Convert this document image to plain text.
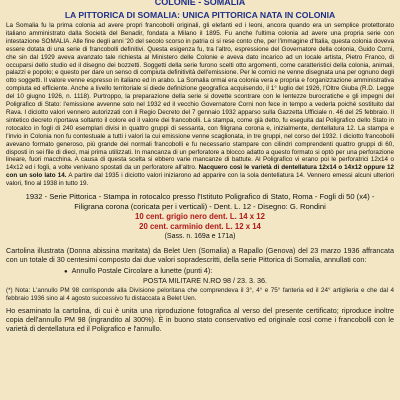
COLONIE - SOMALIA
LA PITTORICA DI SOMALIA: UNICA PITTORICA NATA IN COLONIA
La Somalia fu la prima colonia ad avere propri francobolli originali, gli elefanti ed i leoni, ancora quando era un semplice protettorato italiano amministrato dalla Società del Benadir, fondata a Milano il 1895. Fu anche l'ultima colonia ad avere una propria serie con intestazione SOMALIA. Alle fine degli anni '20 del secolo scorso in patria ci si rese conto che, per l'immagine d'Italia, questa colonia doveva essere dotata di una serie di francobolli definitivi. Questa esigenza fu, tra l'altro, espressione del Governatore della colonia, Guido Corni, che sin dal 1929 aveva avanzato tale richiesta al Ministero delle Colonie e aveva dato incarico ad un locale artista, Pietro Franco, di occuparsi dello studio ed il disegno dei bozzetti. Soggetti della serie furono scelti otto argomenti, come caratteristici della colonia, animali, palazzi e popolo; e questo per dare un senso di compiuta definitività dell'emissione. Per le cornici ne venne disegnata una per ognuno degli otto soggetti. Il valore venne espresso in italiano ed in arabo. La Somalia ormai era colonia vera e propria e l'organizzazione amministrativa compiuta ed efficiente. Anche a livello territoriale si diede definizione geografica acquisendo, il 1° luglio del 1926, l'Oltre Giuba (R.D. Legge del 10 giugno 1926, n. 1118). Purtroppo, la preparazione della serie si dovette scontrare con le lentezze burocratiche e gli impegni del Poligrafico di Stato: l'emissione avvenne solo nel 1932 ed il vecchio Governatore Corni non fece in tempo a vederla poiché sostituito dal Rava. I diciotto valori vennero autorizzati con il Regio Decreto del 7 gennaio 1932 apparso sulla Gazzetta Ufficiale n. 46 del 25 febbraio. Il sintetico decreto riportava soltanto il colore ed il valore dei francobolli. La stampa, come già detto, fu eseguita dal Poligrafico dello Stato in rotocalco in fogli di 240 esemplari divisi in quattro gruppi di sessanta, con filigrana corona e, inizialmente, dentellatura 12. La stampa e l'invio in Colonia non fu contestuale a tutti i valori la cui emissione venne scaglionata, in tre gruppi, nel corso del 1932. I diciotto francobolli avevano formato generoso, più grande dei normali francobolli e fu necessario stampare con cilindri comprendenti quattro gruppi di 60, disposti in sei file di dieci, mai prima utilizzati. In mancanza di un perforatore a blocco adatto a questo formato si optò per una perforazione lineare, fuori macchina. A causa di questa scelta si ebbero varie mancanze di battute. Al Poligrafico vi erano poi le perforatrici 12x14 o 14x12 ed i fogli, a volte venivano spostati da un perforatore all'altro. Nacquero così le varietà di dentellatura 12x14 o 14x12 oppure 12 con un solo lato 14. A partire dal 1935 i diciotto valori iniziarono ad apparire con la sola dentellatura 14. Vennero emessi alcuni ulteriori valori, fino al 1938 in tutto 19.
1932 - Serie Pittorica - Stampa in rotocalco presso l'Istituto Poligrafico di Stato, Roma - Fogli di 50 (x4) -
Filigrana corona (coricata per i verticali) - Dent. L. 12 - Disegno: G. Rondini
10 cent. grigio nero dent. L. 14 x 12
20 cent. carminio dent. L. 12 x 14
(Sass. n. 169a e 171a)
Cartolina illustrata (Donna abissina maritata) da Belet Uen (Somalia) a Rapallo (Genova) del 23 marzo 1936 affrancata con un totale di 30 centesimi composto dai due valori sopradescritti, della serie Pittorica di Somalia, annullati con:
● Annullo Postale Circolare a lunette (punti 4):
POSTA MILITARE N.RO 98 / 23. 3. 36.
(*) Nota: L'annullo PM 98 corrisponde alla Divisione peloritana che comprendeva il 3°, 4° e 75° fanteria ed il 24° artiglieria e che dal 4 febbraio 1936 sino al 4 agosto successivo fu distaccata a Belet Uen.
Ho esaminato la cartolina, di cui è unita una riproduzione fotografica al verso del presente certificato; riproduce inoltre copia dell'annullo PM 98 (ingrandito al 300%). È in buono stato conservativo ed originale così come i francobolli con le varietà di dentellatura ed il Poligrafico e l'annullo.
